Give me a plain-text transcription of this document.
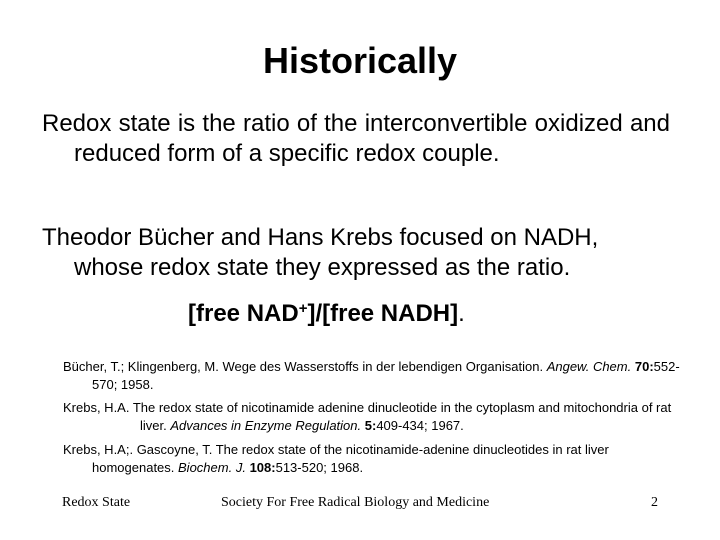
Historically
Redox state is the ratio of the interconvertible oxidized and reduced form of a specific redox couple.
Theodor Bücher and Hans Krebs focused on NADH, whose redox state they expressed as the ratio.
[free NAD+]/[free NADH].
Bücher, T.; Klingenberg, M. Wege des Wasserstoffs in der lebendigen Organisation. Angew. Chem. 70:552-570; 1958.
Krebs, H.A. The redox state of nicotinamide adenine dinucleotide in the cytoplasm and mitochondria of rat liver. Advances in Enzyme Regulation. 5:409-434; 1967.
Krebs, H.A;. Gascoyne, T. The redox state of the nicotinamide-adenine dinucleotides in rat liver homogenates. Biochem. J. 108:513-520; 1968.
Redox State	Society For Free Radical Biology and Medicine	2
